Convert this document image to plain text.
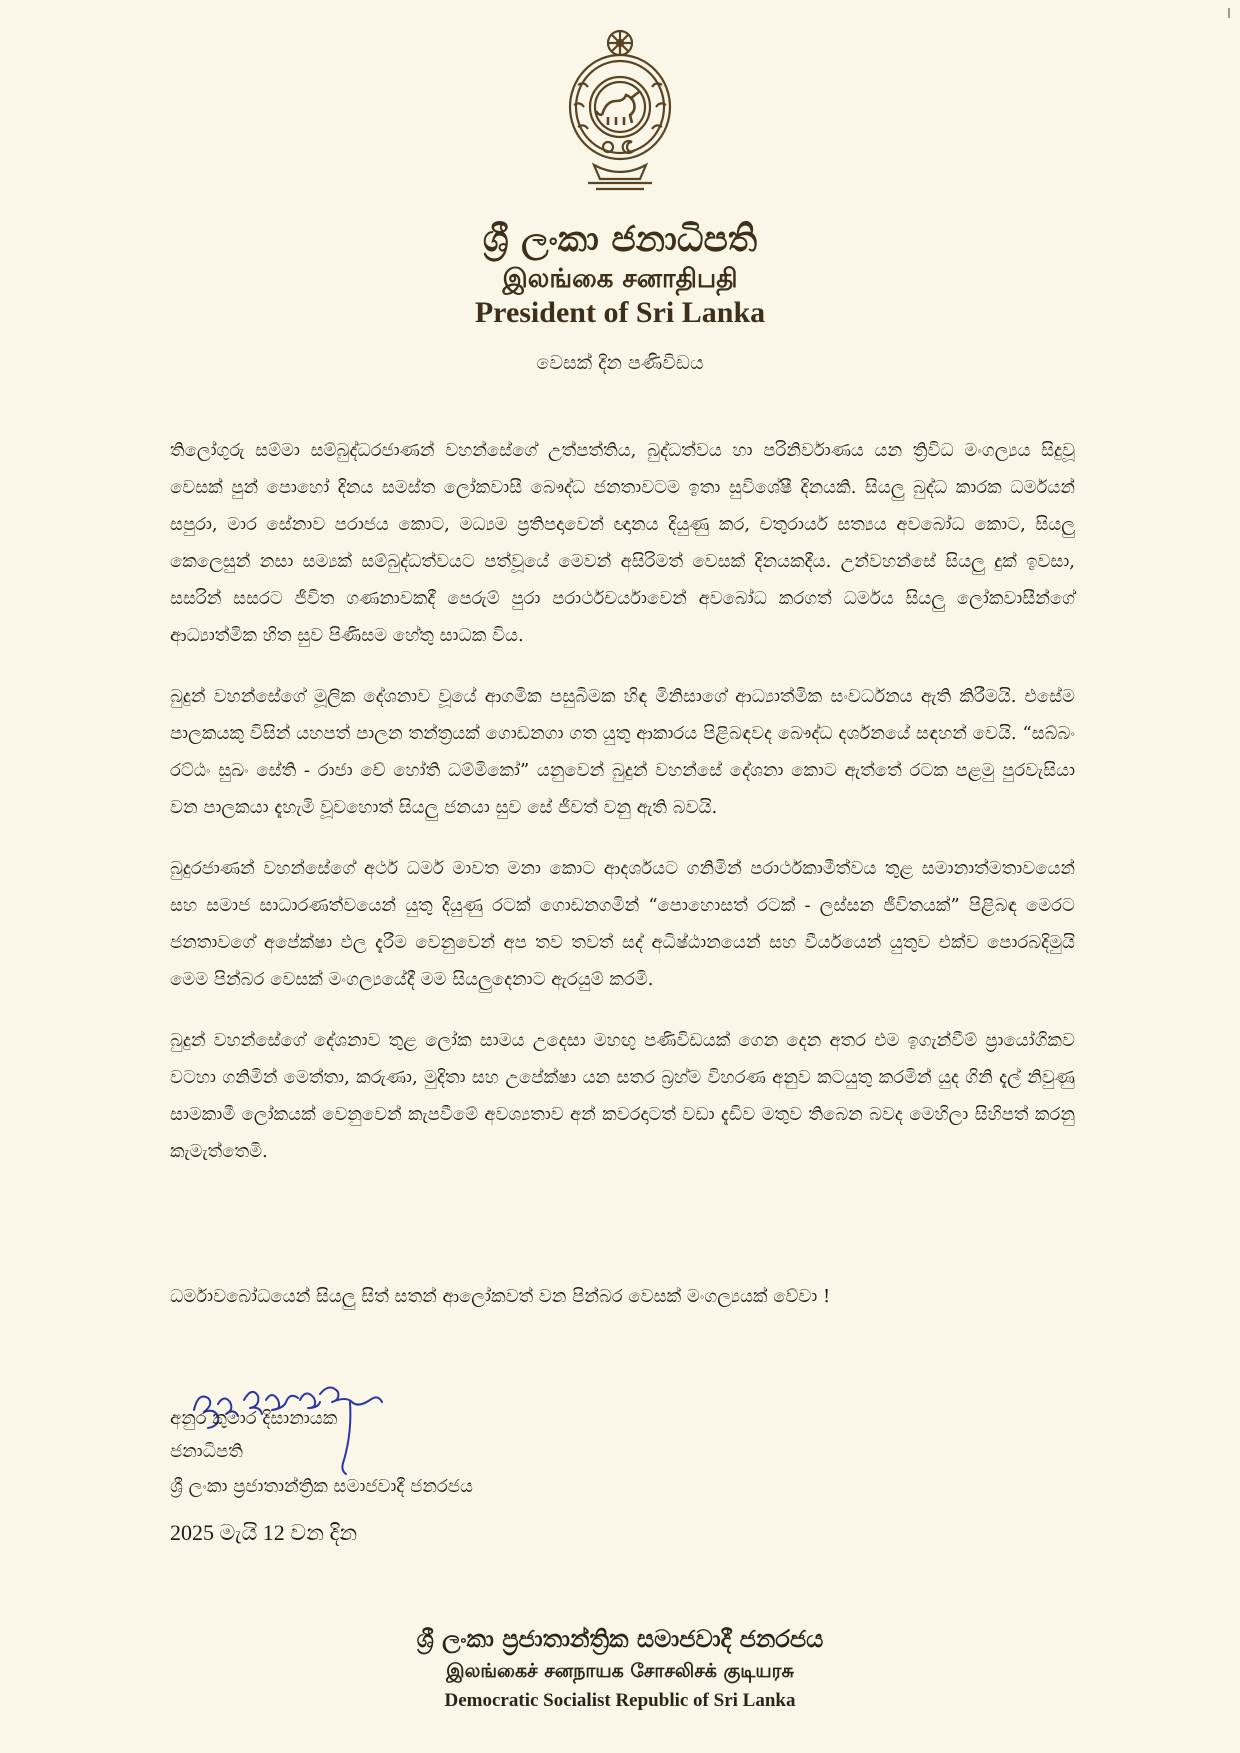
ශ්‍රී ලංකා ජනාධිපති
இலங்கை சனாதிபதி
President of Sri Lanka
වෙසක් දින පණිවිඩය

තිලෝගුරු සම්මා සම්බුද්ධරජාණන් වහන්සේගේ උත්පත්තිය, බුද්ධත්වය හා පරිනිර්වාණය යන ත්‍රිවිධ මංගල්‍යය සිදුවූ වෙසක් පුන් පොහෝ දිනය සමස්ත ලෝකවාසී බෞද්ධ ජනතාවටම ඉතා සුවිශේෂී දිනයකි. සියලු බුද්ධ කාරක ධර්මයන් සපුරා, මාර සේනාව පරාජය කොට, මධ්‍යම ප්‍රතිපදාවෙන් ඥානය දියුණු කර, චතුරාර්ය සත්‍යය අවබෝධ කොට, සියලු කෙලෙසුන් නසා සම්‍යක් සම්බුද්ධත්වයට පත්වූයේ මෙවන් අසිරිමත් වෙසක් දිනයකදීය. උන්වහන්සේ සියලු දුක් ඉවසා, සසරින් සසරට ජීවිත ගණනාවකදී පෙරුම් පුරා පරාර්ථචර්යාවෙන් අවබෝධ කරගත් ධර්මය සියලු ලෝකවාසීන්ගේ ආධ්‍යාත්මික හිත සුව පිණිසම හේතු සාධක විය.

බුදුන් වහන්සේගේ මූලික දේශනාව වූයේ ආගමික පසුබිමක හිඳ මිනිසාගේ ආධ්‍යාත්මික සංවර්ධනය ඇති කිරීමයි. එසේම පාලකයකු විසින් යහපත් පාලන තන්ත්‍රයක් ගොඩනගා ගත යුතු ආකාරය පිළිබඳවද බෞද්ධ දර්ශනයේ සඳහන් වෙයි. “සබ්බං රට්ඨං සුඛං සේති - රාජා චේ හෝති ධම්මිකෝ” යනුවෙන් බුදුන් වහන්සේ දේශනා කොට ඇත්තේ රටක පළමු පුරවැසියා වන පාලකයා දැහැමි වූවහොත් සියලු ජනයා සුව සේ ජීවත් වනු ඇති බවයි.

බුදුරජාණන් වහන්සේගේ අර්ථ ධර්ම මාවත මනා කොට ආදර්ශයට ගනිමින් පරාර්ථකාමීත්වය තුළ සමානාත්මතාවයෙන් සහ සමාජ සාධාරණත්වයෙන් යුතු දියුණු රටක් ගොඩනගමින් “පොහොසත් රටක් - ලස්සන ජීවිතයක්” පිළිබඳ මෙරට ජනතාවගේ අපේක්ෂා ඵල දැරීම වෙනුවෙන් අප තව තවත් සද් අධිෂ්ඨානයෙන් සහ වීර්යයෙන් යුතුව එක්ව පොරබදිමුයි මෙම පින්බර වෙසක් මංගල්‍යයේදී මම සියලුදෙනාට ඇරයුම් කරමි.

බුදුන් වහන්සේගේ දේශනාව තුළ ලෝක සාමය උදෙසා මහඟු පණිවිඩයක් ගෙන දෙන අතර එම ඉගැන්වීම් ප්‍රායෝගිකව වටහා ගනිමින් මෙත්තා, කරුණා, මුදිතා සහ උපේක්ෂා යන සතර බ්‍රහ්ම විහරණ අනුව කටයුතු කරමින් යුද ගිනි දැල් නිවුණු සාමකාමී ලෝකයක් වෙනුවෙන් කැපවීමේ අවශ්‍යතාව අන් කවරදාටත් වඩා දැඩිව මතුව තිබෙන බවද මෙහිලා සිහිපත් කරනු කැමැත්තෙමි.

ධර්මාවබෝධයෙන් සියලු සිත් සතන් ආලෝකවත් වන පින්බර වෙසක් මංගල්‍යයක් වේවා !
අනුර කුමාර දිසානායක
ජනාධිපති
ශ්‍රී ලංකා ප්‍රජාතාන්ත්‍රික සමාජවාදී ජනරජය
2025 මැයි 12 වන දින
ශ්‍රී ලංකා ප්‍රජාතාන්ත්‍රික සමාජවාදී ජනරජය
இலங்கைச் சனநாயக சோசலிசக் குடியரசு
Democratic Socialist Republic of Sri Lanka
